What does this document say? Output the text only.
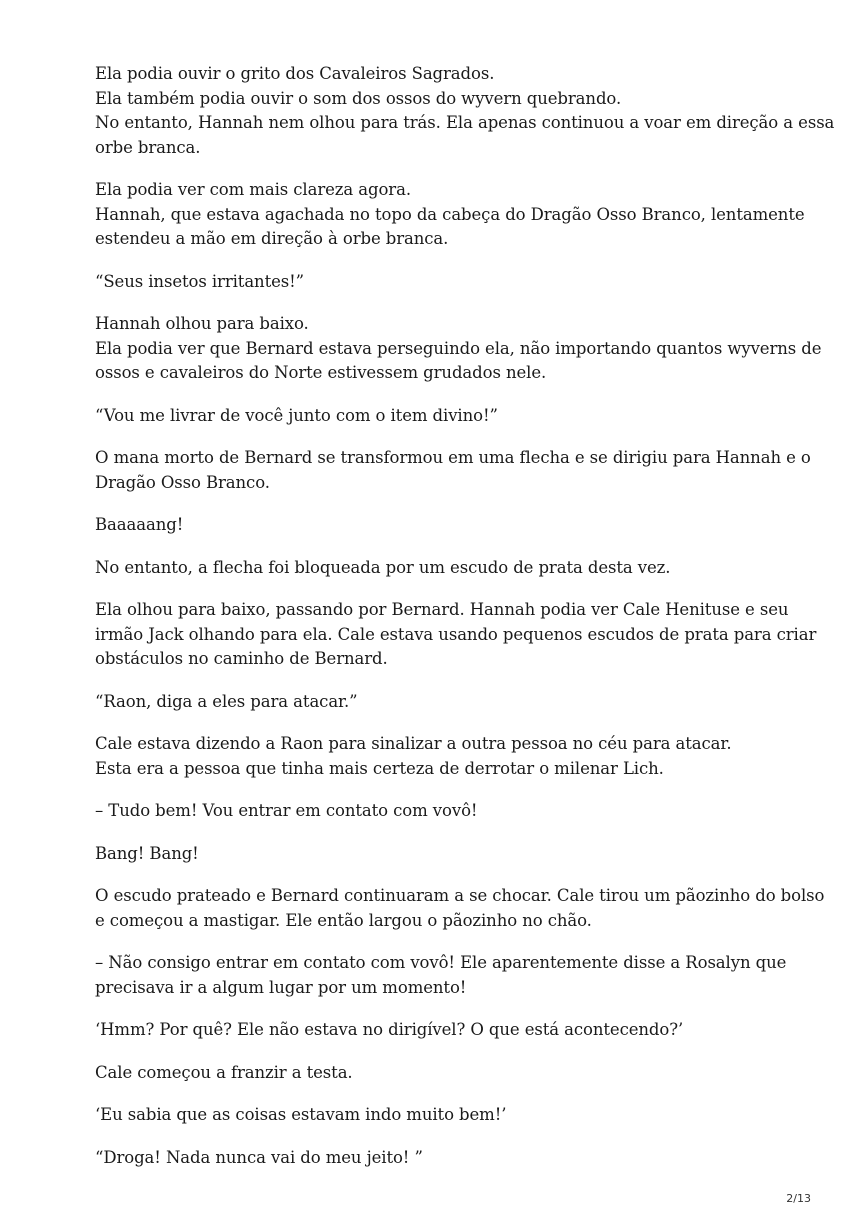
Ela podia ouvir o grito dos Cavaleiros Sagrados.
Ela também podia ouvir o som dos ossos do wyvern quebrando.
No entanto, Hannah nem olhou para trás. Ela apenas continuou a voar em direção a essa
orbe branca.

Ela podia ver com mais clareza agora.
Hannah, que estava agachada no topo da cabeça do Dragão Osso Branco, lentamente
estendeu a mão em direção à orbe branca.

“Seus insetos irritantes!”

Hannah olhou para baixo.
Ela podia ver que Bernard estava perseguindo ela, não importando quantos wyverns de
ossos e cavaleiros do Norte estivessem grudados nele.

“Vou me livrar de você junto com o item divino!”

O mana morto de Bernard se transformou em uma flecha e se dirigiu para Hannah e o
Dragão Osso Branco.

Baaaaang!

No entanto, a flecha foi bloqueada por um escudo de prata desta vez.

Ela olhou para baixo, passando por Bernard. Hannah podia ver Cale Henituse e seu
irmão Jack olhando para ela. Cale estava usando pequenos escudos de prata para criar
obstáculos no caminho de Bernard.

“Raon, diga a eles para atacar.”

Cale estava dizendo a Raon para sinalizar a outra pessoa no céu para atacar.
Esta era a pessoa que tinha mais certeza de derrotar o milenar Lich.

– Tudo bem! Vou entrar em contato com vovô!

Bang! Bang!

O escudo prateado e Bernard continuaram a se chocar. Cale tirou um pãozinho do bolso
e começou a mastigar. Ele então largou o pãozinho no chão.

– Não consigo entrar em contato com vovô! Ele aparentemente disse a Rosalyn que
precisava ir a algum lugar por um momento!

‘Hmm? Por quê? Ele não estava no dirigível? O que está acontecendo?’

Cale começou a franzir a testa.

‘Eu sabia que as coisas estavam indo muito bem!’

“Droga! Nada nunca vai do meu jeito! ”

2/13
